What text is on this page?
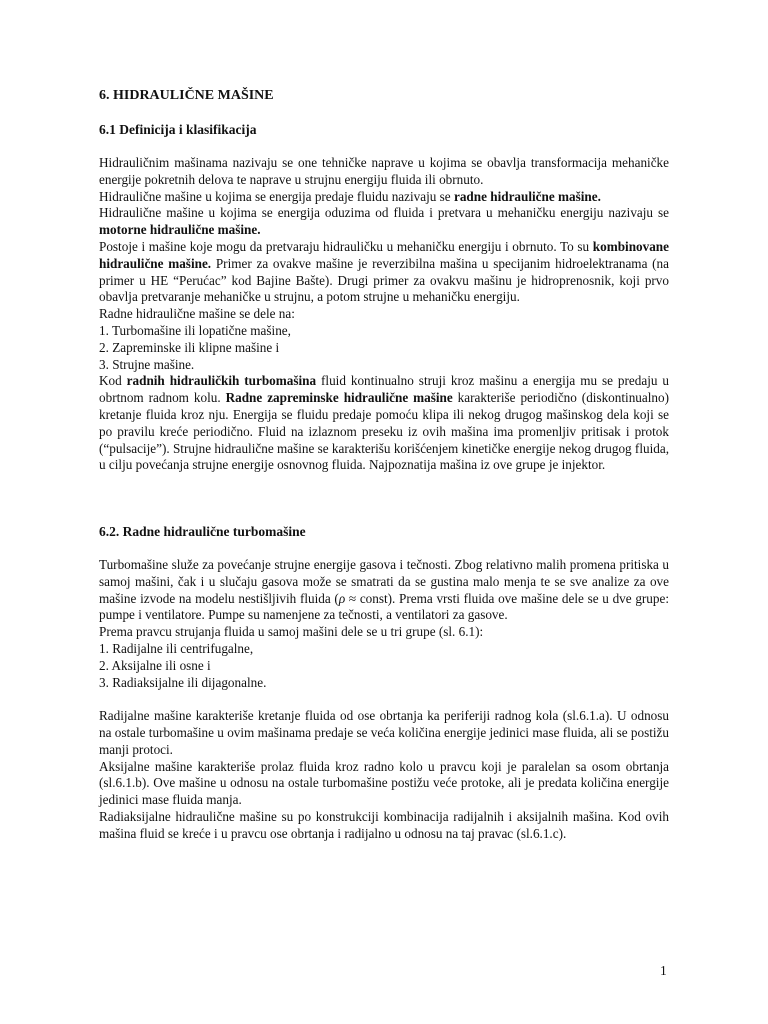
6. HIDRAULIČNE MAŠINE
6.1 Definicija i klasifikacija

Hidrauličnim mašinama nazivaju se one tehničke naprave u kojima se obavlja transformacija mehaničke energije pokretnih delova te naprave u strujnu energiju fluida ili obrnuto.

Hidraulične mašine u kojima se energija predaje fluidu nazivaju se radne hidraulične mašine.

Hidraulične mašine u kojima se energija oduzima od fluida i pretvara u mehaničku energiju nazivaju se motorne hidraulične mašine.

Postoje i mašine koje mogu da pretvaraju hidrauličku u mehaničku energiju i obrnuto. To su kombinovane hidraulične mašine. Primer za ovakve mašine je reverzibilna mašina u specijanim hidroelektranama (na primer u HE “Perućac” kod Bajine Bašte). Drugi primer za ovakvu mašinu je hidroprenosnik, koji prvo obavlja pretvaranje mehaničke u strujnu, a potom strujne u mehaničku energiju.

Radne hidraulične mašine se dele na:

1. Turbomašine ili lopatične mašine,

2. Zapreminske ili klipne mašine i

3. Strujne mašine.

Kod radnih hidrauličkih turbomašina fluid kontinualno struji kroz mašinu a energija mu se predaju u obrtnom radnom kolu. Radne zapreminske hidraulične mašine karakteriše periodično (diskontinualno) kretanje fluida kroz nju. Energija se fluidu predaje pomoću klipa ili nekog drugog mašinskog dela koji se po pravilu kreće periodično. Fluid na izlaznom preseku iz ovih mašina ima promenljiv pritisak i protok (“pulsacije”). Strujne hidraulične mašine se karakterišu korišćenjem kinetičke energije nekog drugog fluida, u cilju povećanja strujne energije osnovnog fluida. Najpoznatija mašina iz ove grupe je injektor.

6.2. Radne hidraulične turbomašine

Turbomašine služe za povećanje strujne energije gasova i tečnosti. Zbog relativno malih promena pritiska u samoj mašini, čak i u slučaju gasova može se smatrati da se gustina malo menja te se sve analize za ove mašine izvode na modelu nestišljivih fluida (ρ ≈ const). Prema vrsti fluida ove mašine dele se u dve grupe: pumpe i ventilatore. Pumpe su namenjene za tečnosti, a ventilatori za gasove.

Prema pravcu strujanja fluida u samoj mašini dele se u tri grupe (sl. 6.1):

1. Radijalne ili centrifugalne,

2. Aksijalne ili osne i

3. Radiaksijalne ili dijagonalne.

Radijalne mašine karakteriše kretanje fluida od ose obrtanja ka periferiji radnog kola (sl.6.1.a). U odnosu na ostale turbomašine u ovim mašinama predaje se veća količina energije jedinici mase fluida, ali se postižu manji protoci.

Aksijalne mašine karakteriše prolaz fluida kroz radno kolo u pravcu koji je paralelan sa osom obrtanja (sl.6.1.b). Ove mašine u odnosu na ostale turbomašine postižu veće protoke, ali je predata količina energije jedinici mase fluida manja.

Radiaksijalne hidraulične mašine su po konstrukciji kombinacija radijalnih i aksijalnih mašina. Kod ovih mašina fluid se kreće i u pravcu ose obrtanja i radijalno u odnosu na taj pravac (sl.6.1.c).

1
